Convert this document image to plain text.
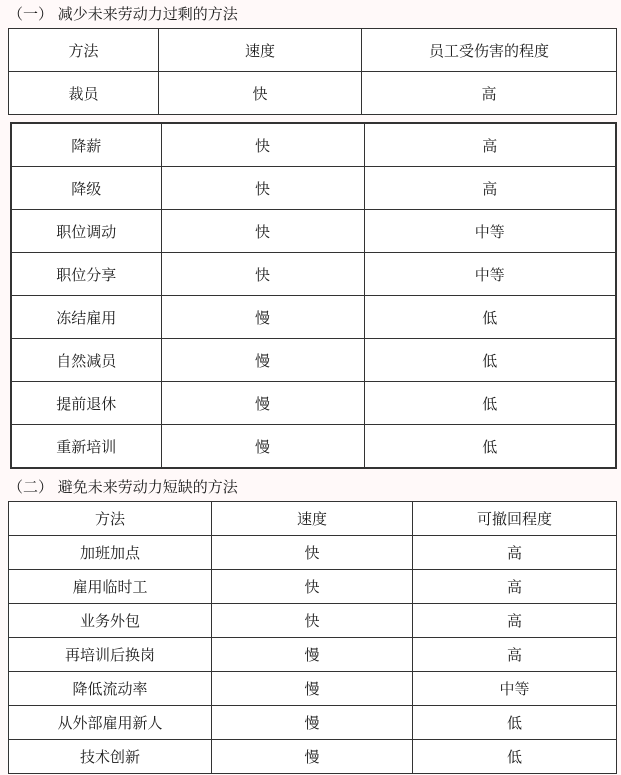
（一） 减少未来劳动力过剩的方法
方法	速度	员工受伤害的程度
裁员	快	高
降薪	快	高
降级	快	高
职位调动	快	中等
职位分享	快	中等
冻结雇用	慢	低
自然减员	慢	低
提前退休	慢	低
重新培训	慢	低
（二） 避免未来劳动力短缺的方法
方法	速度	可撤回程度
加班加点	快	高
雇用临时工	快	高
业务外包	快	高
再培训后换岗	慢	高
降低流动率	慢	中等
从外部雇用新人	慢	低
技术创新	慢	低
